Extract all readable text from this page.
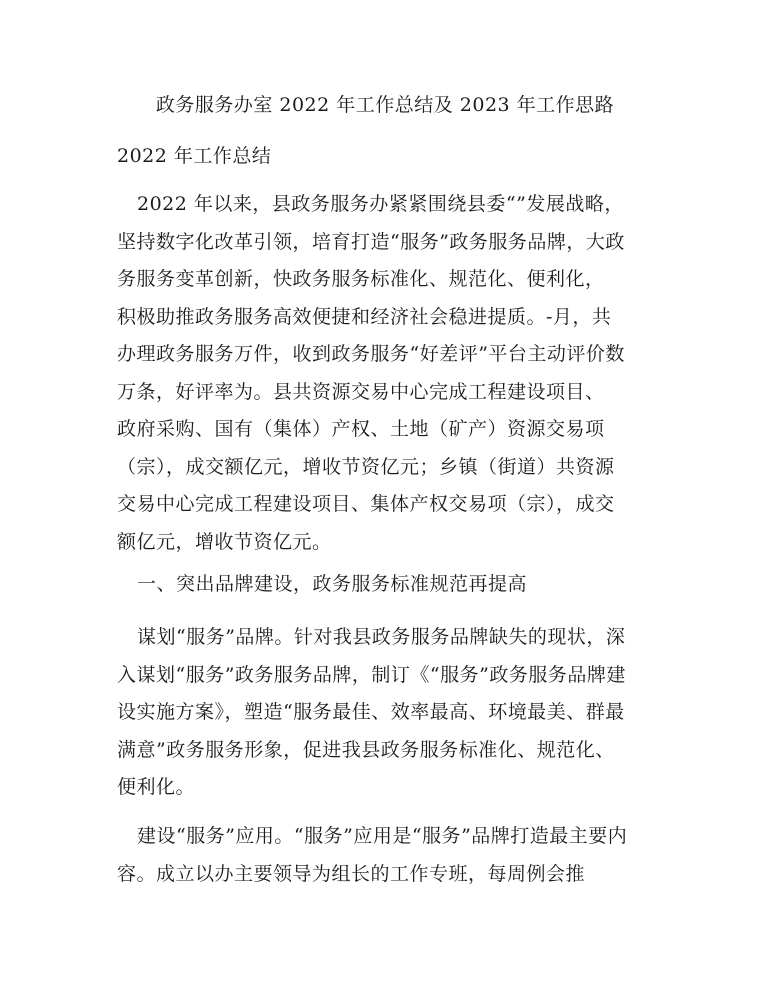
政务服务办室 2022 年工作总结及 2023 年工作思路
2022 年工作总结
2022 年以来，县政务服务办紧紧围绕县委“”发展战略，
坚持数字化改革引领，培育打造“服务”政务服务品牌，大政
务服务变革创新，快政务服务标准化、规范化、便利化，
积极助推政务服务高效便捷和经济社会稳进提质。-月，共
办理政务服务万件，收到政务服务“好差评”平台主动评价数
万条，好评率为。县共资源交易中心完成工程建设项目、
政府采购、国有（集体）产权、土地（矿产）资源交易项
（宗），成交额亿元，增收节资亿元；乡镇（街道）共资源
交易中心完成工程建设项目、集体产权交易项（宗），成交
额亿元，增收节资亿元。
一、突出品牌建设，政务服务标准规范再提高
谋划“服务”品牌。针对我县政务服务品牌缺失的现状，深
入谋划“服务”政务服务品牌，制订《“服务”政务服务品牌建
设实施方案》，塑造“服务最佳、效率最高、环境最美、群最
满意”政务服务形象，促进我县政务服务标准化、规范化、
便利化。
建设“服务”应用。“服务”应用是“服务”品牌打造最主要内
容。成立以办主要领导为组长的工作专班，每周例会推
